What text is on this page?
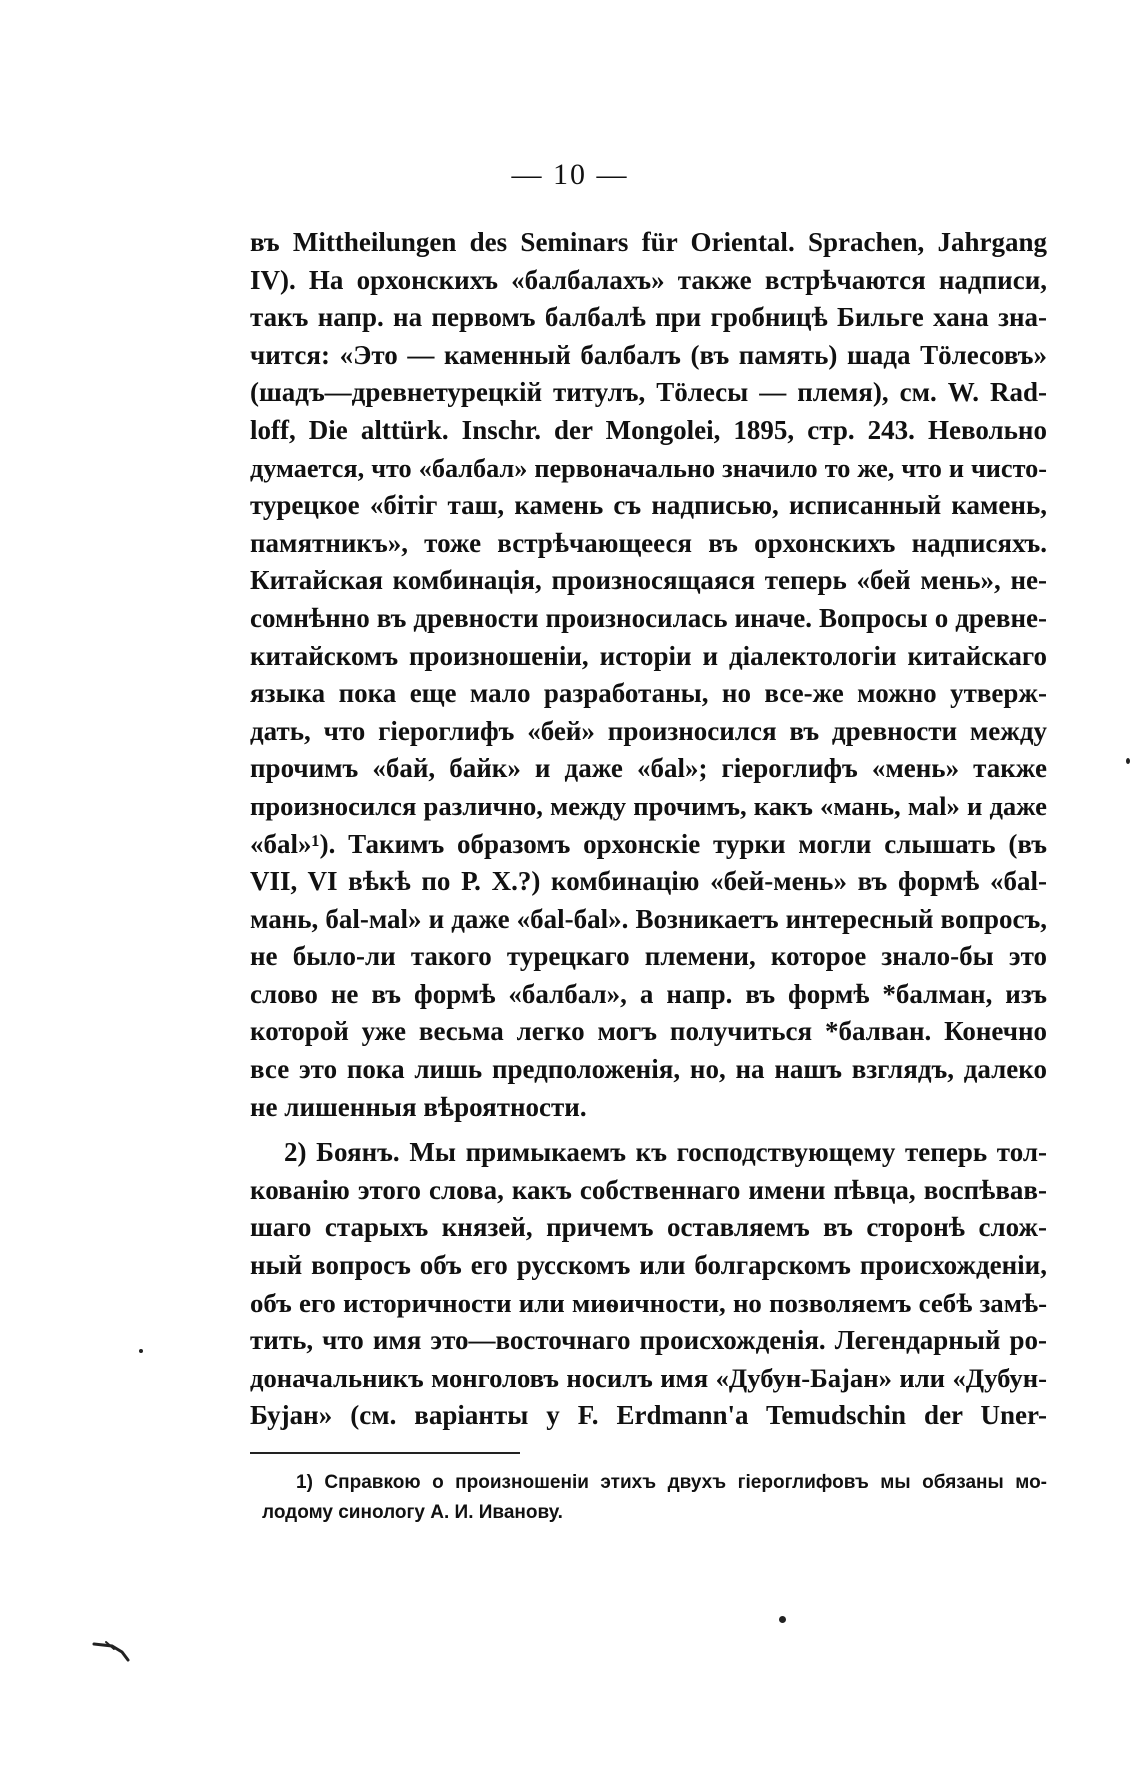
— 10 —
въ Mittheilungen des Seminars für Oriental. Sprachen, Jahrgang
IV). На орхонскихъ «балбалахъ» также встрѣчаются надписи,
такъ напр. на первомъ балбалѣ при гробницѣ Бильге хана зна-
чится: «Это — каменный балбалъ (въ память) шада Тöлесовъ»
(шадъ—древнетурецкій титулъ, Тöлесы — племя), см. W. Rad-
loff, Die alttürk. Inschr. der Mongolei, 1895, стр. 243. Невольно
думается, что «балбал» первоначально значило то же, что и чисто-
турецкое «бітіг таш, камень съ надписью, исписанный камень,
памятникъ», тоже встрѣчающееся въ орхонскихъ надписяхъ.
Китайская комбинація, произносящаяся теперь «бей мень», не-
сомнѣнно въ древности произносилась иначе. Вопросы о древне-
китайскомъ произношеніи, исторіи и діалектологіи китайскаго
языка пока еще мало разработаны, но все-же можно утверж-
дать, что гіероглифъ «бей» произносился въ древности между
прочимъ «бай, байк» и даже «баl»; гіероглифъ «мень» также
произносился различно, между прочимъ, какъ «мань, маl» и даже
«баl»¹). Такимъ образомъ орхонскіе турки могли слышать (въ
VII, VI вѣкѣ по Р. Х.?) комбинацію «бей-мень» въ формѣ «баl-
мань, баl-маl» и даже «баl-баl». Возникаетъ интересный вопросъ,
не было-ли такого турецкаго племени, которое знало-бы это
слово не въ формѣ «балбал», а напр. въ формѣ *балман, изъ
которой уже весьма легко могъ получиться *балван. Конечно
все это пока лишь предположенія, но, на нашъ взглядъ, далеко
не лишенныя вѣроятности.
2) Боянъ. Мы примыкаемъ къ господствующему теперь тол-
кованію этого слова, какъ собственнаго имени пѣвца, воспѣвав-
шаго старыхъ князей, причемъ оставляемъ въ сторонѣ слож-
ный вопросъ объ его русскомъ или болгарскомъ происхожденіи,
объ его историчности или миѳичности, но позволяемъ себѣ замѣ-
тить, что имя это—восточнаго происхожденія. Легендарный ро-
доначальникъ монголовъ носилъ имя «Дубун-Баjан» или «Дубун-
Буjан» (см. варіанты у F. Erdmann'a Temudschin der Uner-
1) Справкою о произношеніи этихъ двухъ гіероглифовъ мы обязаны мо-
лодому синологу А. И. Иванову.
